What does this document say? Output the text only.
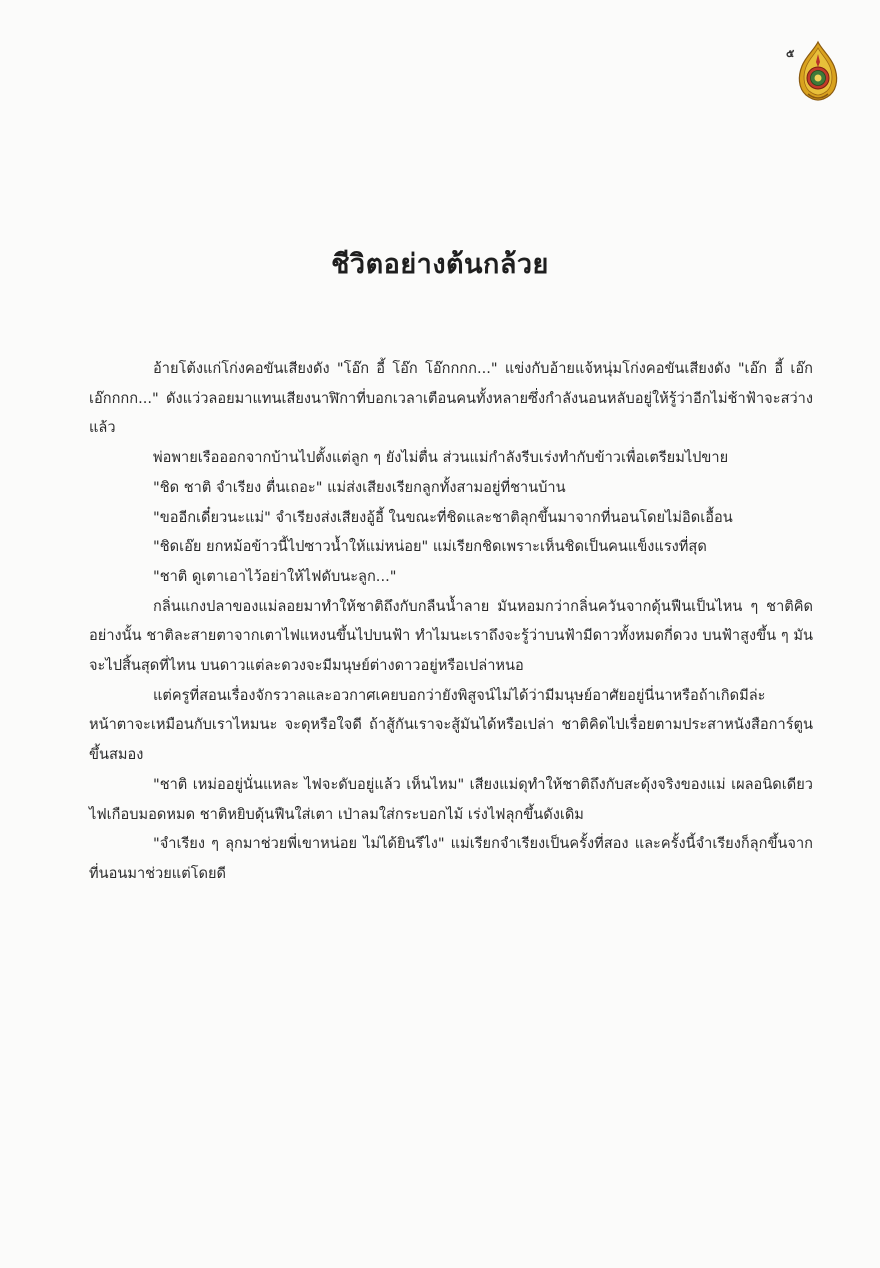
๕
ชีวิตอย่างต้นกล้วย

อ้ายโต้งแก่โก่งคอขันเสียงดัง "โอ๊ก อี้ โอ๊ก โอ๊กกกก..." แข่งกับอ้ายแจ้หนุ่มโก่งคอขันเสียงดัง "เอ๊ก อี้ เอ๊ก เอ๊กกกก..." ดังแว่วลอยมาแทนเสียงนาฬิกาที่บอกเวลาเตือนคนทั้งหลายซึ่งกำลังนอนหลับอยู่ให้รู้ว่าอีกไม่ช้าฟ้าจะสว่างแล้ว

พ่อพายเรือออกจากบ้านไปตั้งแต่ลูก ๆ ยังไม่ตื่น ส่วนแม่กำลังรีบเร่งทำกับข้าวเพื่อเตรียมไปขาย

"ชิด ชาติ จำเรียง ตื่นเถอะ" แม่ส่งเสียงเรียกลูกทั้งสามอยู่ที่ชานบ้าน

"ขออีกเดี๋ยวนะแม่" จำเรียงส่งเสียงอู้อี้ ในขณะที่ชิดและชาติลุกขึ้นมาจากที่นอนโดยไม่อิดเอื้อน

"ชิดเอ๊ย ยกหม้อข้าวนี้ไปซาวน้ำให้แม่หน่อย" แม่เรียกชิดเพราะเห็นชิดเป็นคนแข็งแรงที่สุด

"ชาติ ดูเตาเอาไว้อย่าให้ไฟดับนะลูก..."

กลิ่นแกงปลาของแม่ลอยมาทำให้ชาติถึงกับกลืนน้ำลาย มันหอมกว่ากลิ่นควันจากดุ้นฟืนเป็นไหน ๆ ชาติคิดอย่างนั้น ชาติละสายตาจากเตาไฟแหงนขึ้นไปบนฟ้า ทำไมนะเราถึงจะรู้ว่าบนฟ้ามีดาวทั้งหมดกี่ดวง บนฟ้าสูงขึ้น ๆ มันจะไปสิ้นสุดที่ไหน บนดาวแต่ละดวงจะมีมนุษย์ต่างดาวอยู่หรือเปล่าหนอ

แต่ครูที่สอนเรื่องจักรวาลและอวกาศเคยบอกว่ายังพิสูจน์ไม่ได้ว่ามีมนุษย์อาศัยอยู่นี่นาหรือถ้าเกิดมีล่ะ หน้าตาจะเหมือนกับเราไหมนะ จะดุหรือใจดี ถ้าสู้กันเราจะสู้มันได้หรือเปล่า ชาติคิดไปเรื่อยตามประสาหนังสือการ์ตูนขึ้นสมอง

"ชาติ เหม่ออยู่นั่นแหละ ไฟจะดับอยู่แล้ว เห็นไหม" เสียงแม่ดุทำให้ชาติถึงกับสะดุ้งจริงของแม่ เผลอนิดเดียวไฟเกือบมอดหมด ชาติหยิบดุ้นฟืนใส่เตา เป่าลมใส่กระบอกไม้ เร่งไฟลุกขึ้นดังเดิม

"จำเรียง ๆ ลุกมาช่วยพี่เขาหน่อย ไม่ได้ยินรึไง" แม่เรียกจำเรียงเป็นครั้งที่สอง และครั้งนี้จำเรียงก็ลุกขึ้นจากที่นอนมาช่วยแต่โดยดี
